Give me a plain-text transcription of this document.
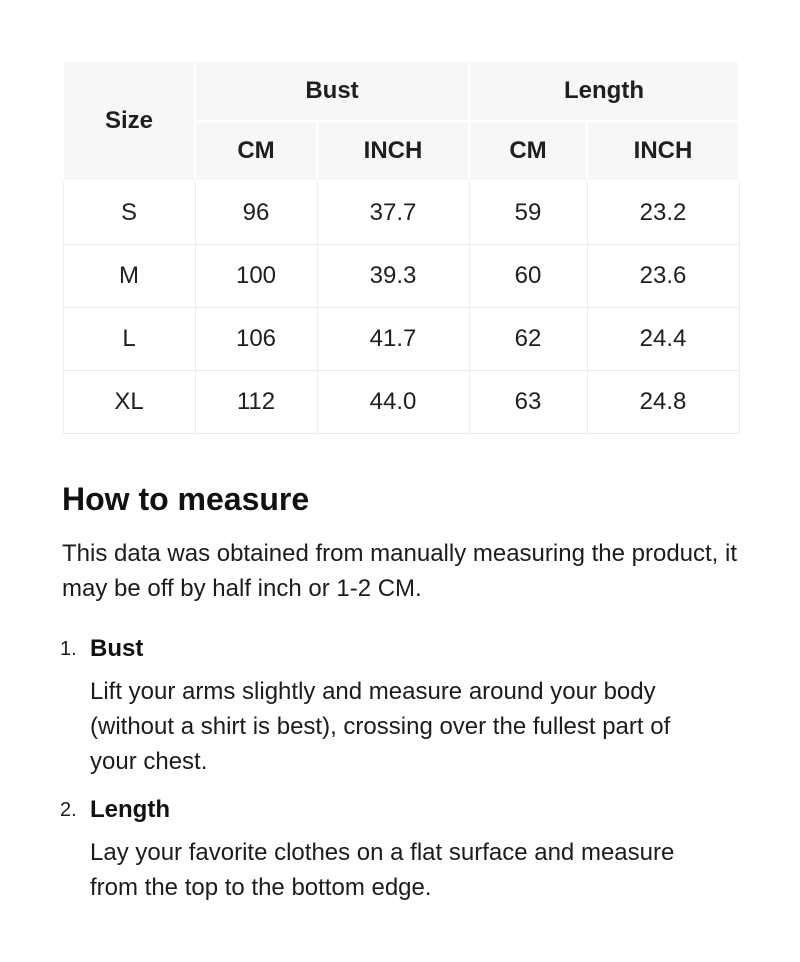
Size	Bust		Length	
	CM	INCH	CM	INCH
S	96	37.7	59	23.2
M	100	39.3	60	23.6
L	106	41.7	62	24.4
XL	112	44.0	63	24.8
How to measure

This data was obtained from manually measuring the product, it may be off by half inch or 1-2 CM.

1. Bust
Lift your arms slightly and measure around your body (without a shirt is best), crossing over the fullest part of your chest.
2. Length
Lay your favorite clothes on a flat surface and measure from the top to the bottom edge.
